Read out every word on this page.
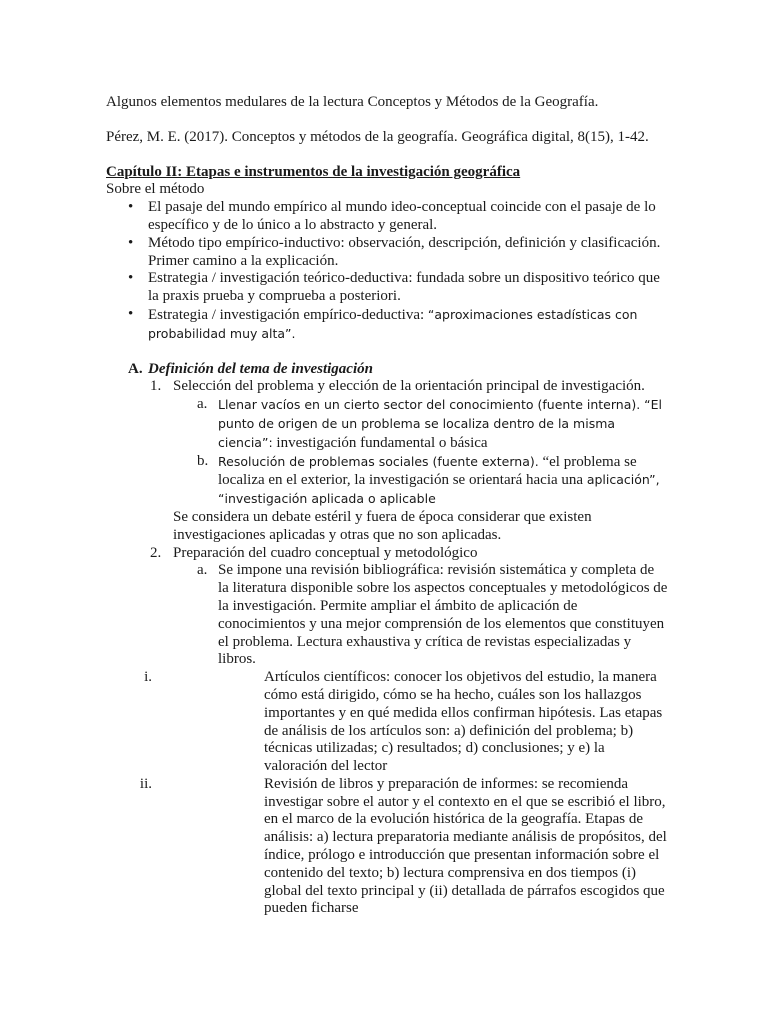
Algunos elementos medulares de la lectura Conceptos y Métodos de la Geografía.

Pérez, M. E. (2017). Conceptos y métodos de la geografía. Geográfica digital, 8(15), 1-42.

Capítulo II: Etapas e instrumentos de la investigación geográfica

Sobre el método

• El pasaje del mundo empírico al mundo ideo-conceptual coincide con el pasaje de lo específico y de lo único a lo abstracto y general.
• Método tipo empírico-inductivo: observación, descripción, definición y clasificación. Primer camino a la explicación.
• Estrategia / investigación teórico-deductiva: fundada sobre un dispositivo teórico que la praxis prueba y comprueba a posteriori.
• Estrategia / investigación empírico-deductiva: “aproximaciones estadísticas con probabilidad muy alta”.

A. Definición del tema de investigación

1. Selección del problema y elección de la orientación principal de investigación.

a. Llenar vacíos en un cierto sector del conocimiento (fuente interna). “El punto de origen de un problema se localiza dentro de la misma ciencia”: investigación fundamental o básica

b. Resolución de problemas sociales (fuente externa). “el problema se localiza en el exterior, la investigación se orientará hacia una aplicación”, “investigación aplicada o aplicable

Se considera un debate estéril y fuera de época considerar que existen investigaciones aplicadas y otras que no son aplicadas.

2. Preparación del cuadro conceptual y metodológico

a. Se impone una revisión bibliográfica: revisión sistemática y completa de la literatura disponible sobre los aspectos conceptuales y metodológicos de la investigación. Permite ampliar el ámbito de aplicación de conocimientos y una mejor comprensión de los elementos que constituyen el problema. Lectura exhaustiva y crítica de revistas especializadas y libros.

i.	Artículos científicos: conocer los objetivos del estudio, la manera cómo está dirigido, cómo se ha hecho, cuáles son los hallazgos importantes y en qué medida ellos confirman hipótesis. Las etapas de análisis de los artículos son: a) definición del problema; b) técnicas utilizadas; c) resultados; d) conclusiones; y e) la valoración del lector

ii.	Revisión de libros y preparación de informes: se recomienda investigar sobre el autor y el contexto en el que se escribió el libro, en el marco de la evolución histórica de la geografía. Etapas de análisis: a) lectura preparatoria mediante análisis de propósitos, del índice, prólogo e introducción que presentan información sobre el contenido del texto; b) lectura comprensiva en dos tiempos (i) global del texto principal y (ii) detallada de párrafos escogidos que pueden ficharse
